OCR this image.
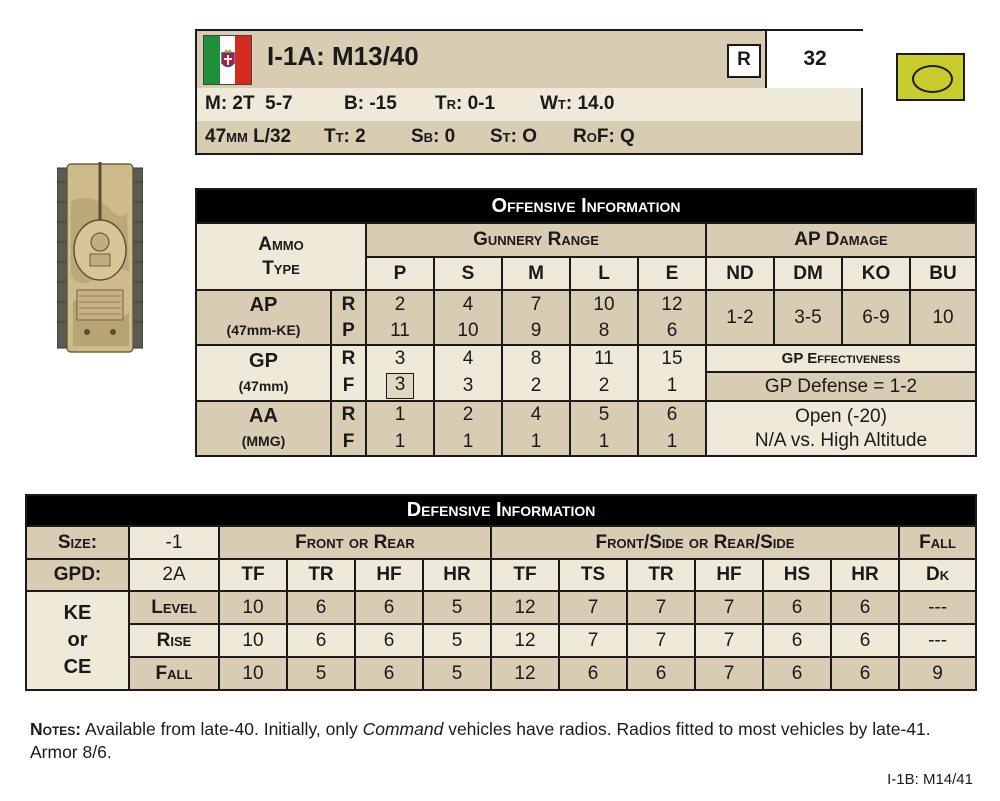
I-1A: M13/40	R	32
M: 2T  5-7	B: -15 Tr: 0-1 Wt: 14.0
47mm L/32 Tt: 2 Sb: 0 St: O RoF: Q
Offensive Information										
Ammo
Type		Gunnery Range					AP Damage			
		P	S	M	L	E	ND	DM	KO	BU
AP
(47mm-KE)	R	2	4	7	10	12	1-2	3-5	6-9	10
	P	11	10	9	8	6				
GP
(47mm)	R	3	4	8	11	15	GP Effectiveness			
	F	3	3	2	2	1	GP Defense = 1-2			
AA
(MMG)	R	1	2	4	5	6	Open (-20)
N/A vs. High Altitude			
	F	1	1	1	1	1				
Defensive Information												
Size:	-1	Front or Rear				Front/Side or Rear/Side						Fall
GPD:	2A	TF	TR	HF	HR	TF	TS	TR	HF	HS	HR	Dk
KE
or
CE	Level	10	6	6	5	12	7	7	7	6	6	---
	Rise	10	6	6	5	12	7	7	7	6	6	---
	Fall	10	5	6	5	12	6	6	7	6	6	9
Notes: Available from late-40. Initially, only Command vehicles have radios. Radios fitted to most vehicles by late-41. Armor 8/6.
I-1B: M14/41
